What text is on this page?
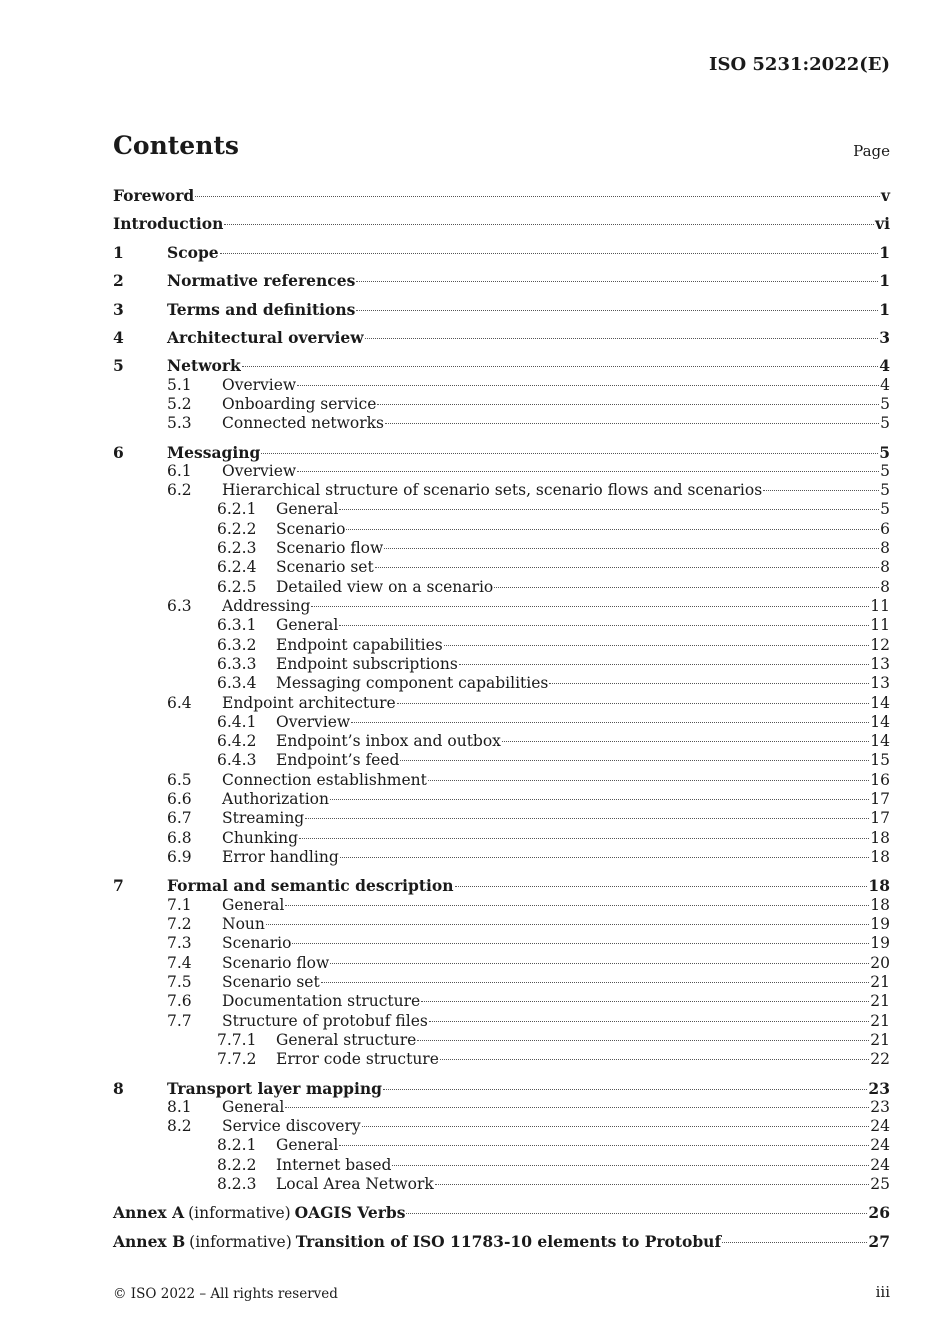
ISO 5231:2022(E)
Contents	Page
Foreword	v
Introduction	vi
1	Scope	1
2	Normative references	1
3	Terms and definitions	1
4	Architectural overview	3
5	Network	4
5.1	Overview	4
5.2	Onboarding service	5
5.3	Connected networks	5
6	Messaging	5
6.1	Overview	5
6.2	Hierarchical structure of scenario sets, scenario flows and scenarios	5
6.2.1	General	5
6.2.2	Scenario	6
6.2.3	Scenario flow	8
6.2.4	Scenario set	8
6.2.5	Detailed view on a scenario	8
6.3	Addressing	11
6.3.1	General	11
6.3.2	Endpoint capabilities	12
6.3.3	Endpoint subscriptions	13
6.3.4	Messaging component capabilities	13
6.4	Endpoint architecture	14
6.4.1	Overview	14
6.4.2	Endpoint’s inbox and outbox	14
6.4.3	Endpoint’s feed	15
6.5	Connection establishment	16
6.6	Authorization	17
6.7	Streaming	17
6.8	Chunking	18
6.9	Error handling	18
7	Formal and semantic description	18
7.1	General	18
7.2	Noun	19
7.3	Scenario	19
7.4	Scenario flow	20
7.5	Scenario set	21
7.6	Documentation structure	21
7.7	Structure of protobuf files	21
7.7.1	General structure	21
7.7.2	Error code structure	22
8	Transport layer mapping	23
8.1	General	23
8.2	Service discovery	24
8.2.1	General	24
8.2.2	Internet based	24
8.2.3	Local Area Network	25
Annex A (informative) OAGIS Verbs	26
Annex B (informative) Transition of ISO 11783-10 elements to Protobuf	27
© ISO 2022 – All rights reserved	iii
